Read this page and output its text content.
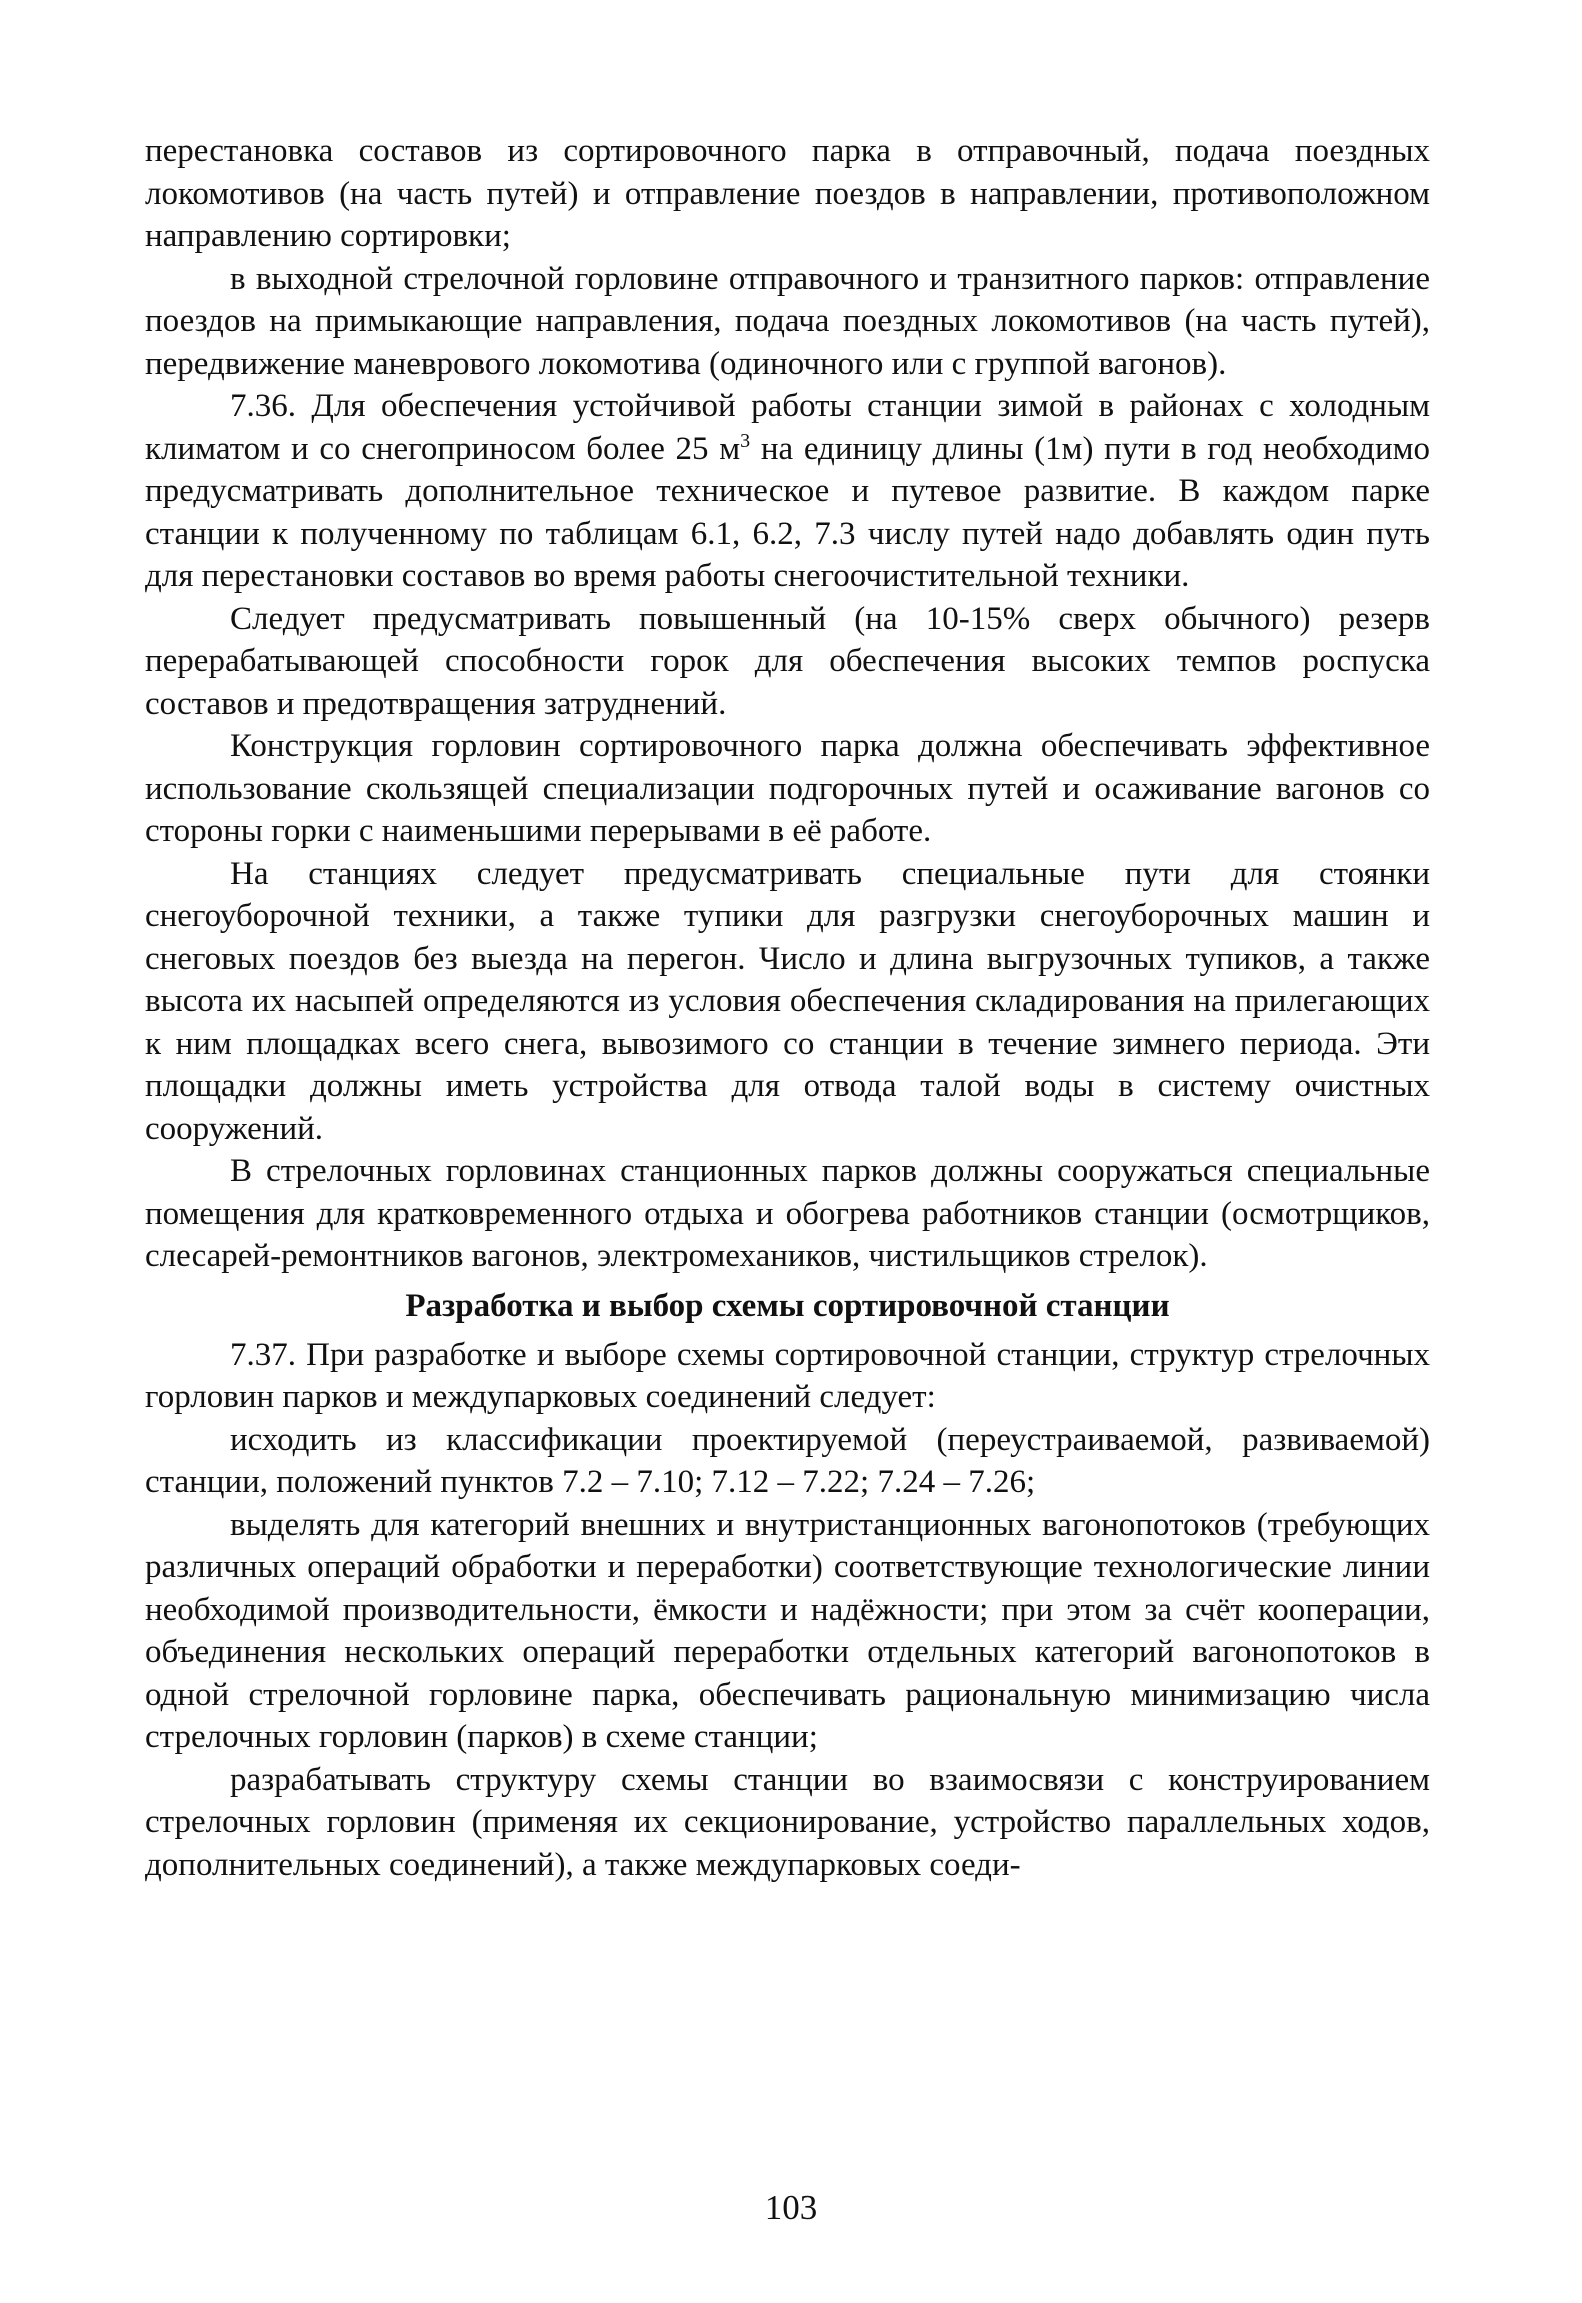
перестановка составов из сортировочного парка в отправочный, подача поездных локомотивов (на часть путей) и отправление поездов в направлении, противоположном направлению сортировки;

в выходной стрелочной горловине отправочного и транзитного парков: отправление поездов на примыкающие направления, подача поездных локомотивов (на часть путей), передвижение маневрового локомотива (одиночного или с группой вагонов).

7.36. Для обеспечения устойчивой работы станции зимой в районах с холодным климатом и со снегоприносом более 25 $м^3$ на единицу длины (1м) пути в год необходимо предусматривать дополнительное техническое и путевое развитие. В каждом парке станции к полученному по таблицам 6.1, 6.2, 7.3 числу путей надо добавлять один путь для перестановки составов во время работы снегоочистительной техники.

Следует предусматривать повышенный (на 10-15% сверх обычного) резерв перерабатывающей способности горок для обеспечения высоких темпов роспуска составов и предотвращения затруднений.

Конструкция горловин сортировочного парка должна обеспечивать эффективное использование скользящей специализации подгорочных путей и осаживание вагонов со стороны горки с наименьшими перерывами в её работе.

На станциях следует предусматривать специальные пути для стоянки снегоуборочной техники, а также тупики для разгрузки снегоуборочных машин и снеговых поездов без выезда на перегон. Число и длина выгрузочных тупиков, а также высота их насыпей определяются из условия обеспечения складирования на прилегающих к ним площадках всего снега, вывозимого со станции в течение зимнего периода. Эти площадки должны иметь устройства для отвода талой воды в систему очистных сооружений.

В стрелочных горловинах станционных парков должны сооружаться специальные помещения для кратковременного отдыха и обогрева работников станции (осмотрщиков, слесарей-ремонтников вагонов, электромехаников, чистильщиков стрелок).

Разработка и выбор схемы сортировочной станции

7.37. При разработке и выборе схемы сортировочной станции, структур стрелочных горловин парков и междупарковых соединений следует:

исходить из классификации проектируемой (переустраиваемой, развиваемой) станции, положений пунктов 7.2 – 7.10; 7.12 – 7.22; 7.24 – 7.26;

выделять для категорий внешних и внутристанционных вагонопотоков (требующих различных операций обработки и переработки) соответствующие технологические линии необходимой производительности, ёмкости и надёжности; при этом за счёт кооперации, объединения нескольких операций переработки отдельных категорий вагонопотоков в одной стрелочной горловине парка, обеспечивать рациональную минимизацию числа стрелочных горловин (парков) в схеме станции;

разрабатывать структуру схемы станции во взаимосвязи с конструированием стрелочных горловин (применяя их секционирование, устройство параллельных ходов, дополнительных соединений), а также междупарковых соеди-

103
